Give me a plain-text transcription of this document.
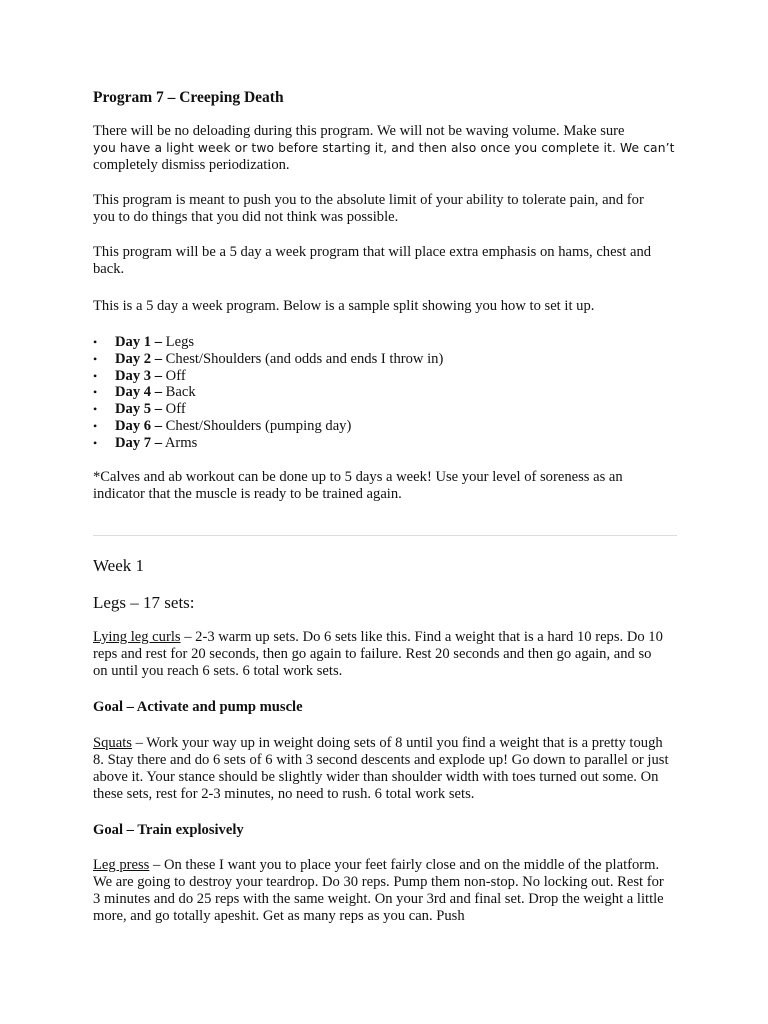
Program 7 – Creeping Death

There will be no deloading during this program. We will not be waving volume. Make sure
you have a light week or two before starting it, and then also once you complete it. We can’t
completely dismiss periodization.

This program is meant to push you to the absolute limit of your ability to tolerate pain, and for you to do things that you did not think was possible.

This program will be a 5 day a week program that will place extra emphasis on hams, chest and back.

This is a 5 day a week program. Below is a sample split showing you how to set it up.

• Day 1 – Legs
• Day 2 – Chest/Shoulders (and odds and ends I throw in)
• Day 3 – Off
• Day 4 – Back
• Day 5 – Off
• Day 6 – Chest/Shoulders (pumping day)
• Day 7 – Arms

*Calves and ab workout can be done up to 5 days a week! Use your level of soreness as an indicator that the muscle is ready to be trained again.

Week 1

Legs – 17 sets:

Lying leg curls – 2-3 warm up sets. Do 6 sets like this. Find a weight that is a hard 10 reps. Do 10 reps and rest for 20 seconds, then go again to failure. Rest 20 seconds and then go again, and so on until you reach 6 sets. 6 total work sets.

Goal – Activate and pump muscle

Squats – Work your way up in weight doing sets of 8 until you find a weight that is a pretty tough 8. Stay there and do 6 sets of 6 with 3 second descents and explode up! Go down to parallel or just above it. Your stance should be slightly wider than shoulder width with toes turned out some. On these sets, rest for 2-3 minutes, no need to rush. 6 total work sets.

Goal – Train explosively

Leg press – On these I want you to place your feet fairly close and on the middle of the platform. We are going to destroy your teardrop. Do 30 reps. Pump them non-stop. No locking out. Rest for 3 minutes and do 25 reps with the same weight. On your 3rd and final set. Drop the weight a little more, and go totally apeshit. Get as many reps as you can. Push
